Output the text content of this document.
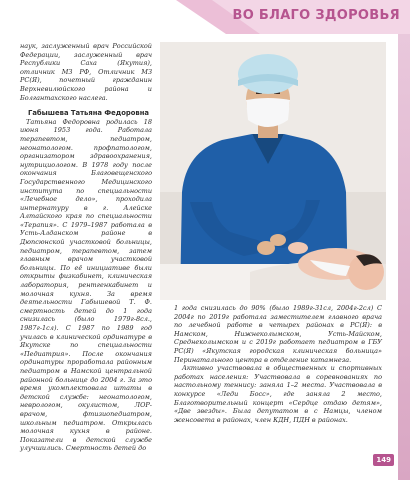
ВО БЛАГО ЗДОРОВЬЯ

наук, заслуженный врач Российской Федерации, заслуженный врач Республики Саха (Якутия), отличник МЗ РФ, Отличник МЗ РС(Я), почетный гражданин Верхневилюйского района и Болгантахского наслега.

Габышева Татьяна Федоровна

Татьяна Федоровна родилась 18 июня 1953 года. Работала терапевтом, педиатром, неонатологом. профпатологом, организатором здравоохранения, нутрициологом. В 1978 году после окончания Благовещенского Государственного Медицинского института по специальности «Лечебное дело», проходила интернатуру в г. Алейске Алтайского края по специальности «Терапия». С 1979–1987 работала в Усть-Алданском районе в Дюпсюнской участковой больницы, педиатром, терапевтом, затем главным врачом участковой больницы. По её инициативе были открыты физкабинет, клиническая лаборатория, рентгенкабинет и молочная кухня. За время деятельности Габышевой Т. Ф. смертность детей до 1 года снизилась (было 1979г-8сл., 1987г-1сл). С 1987 по 1989 год училась в клинической ординатуре в Якутске по специальности «Педиатрия». После окончания ординатуры проработала районным педиатром в Намской центральной районной больнице до 2004 г. За это время укомплектовала штаты в детской службе: неонатологом, неврологом, окулистом, ЛОР-врачом, фтизиопедиатром, школьным педиатром. Открылась молочная кухня в районе. Показатели в детской службе улучшились. Смертность детей до

1 года снизилась до 90% (было 1989г-31сл, 2004г-2сл) С 2004г по 2019г работала заместителем главного врача по лечебной работе в четырех районах в РС(Я): в Намском, Нижнеколымском, Усть-Майском, Среднеколымском и с 2019г работает педиатром в ГБУ РС(Я) «Якутская городская клиническая больница» Перинатального центра в отделение катамнеза.

Активно участвовала в общественных и спортивных работах населения: Участвовала в соревнованиях по настольному теннису: заняла 1–2 места. Участвовала в конкурсе «Леди Босс», где заняла 2 место, Благотворительный концерт «Сердце отдаю детям», «Две звезды». Была депутатом в с Намцы, членом женсовета в районах, член КДН, ПДН в районах.

149
